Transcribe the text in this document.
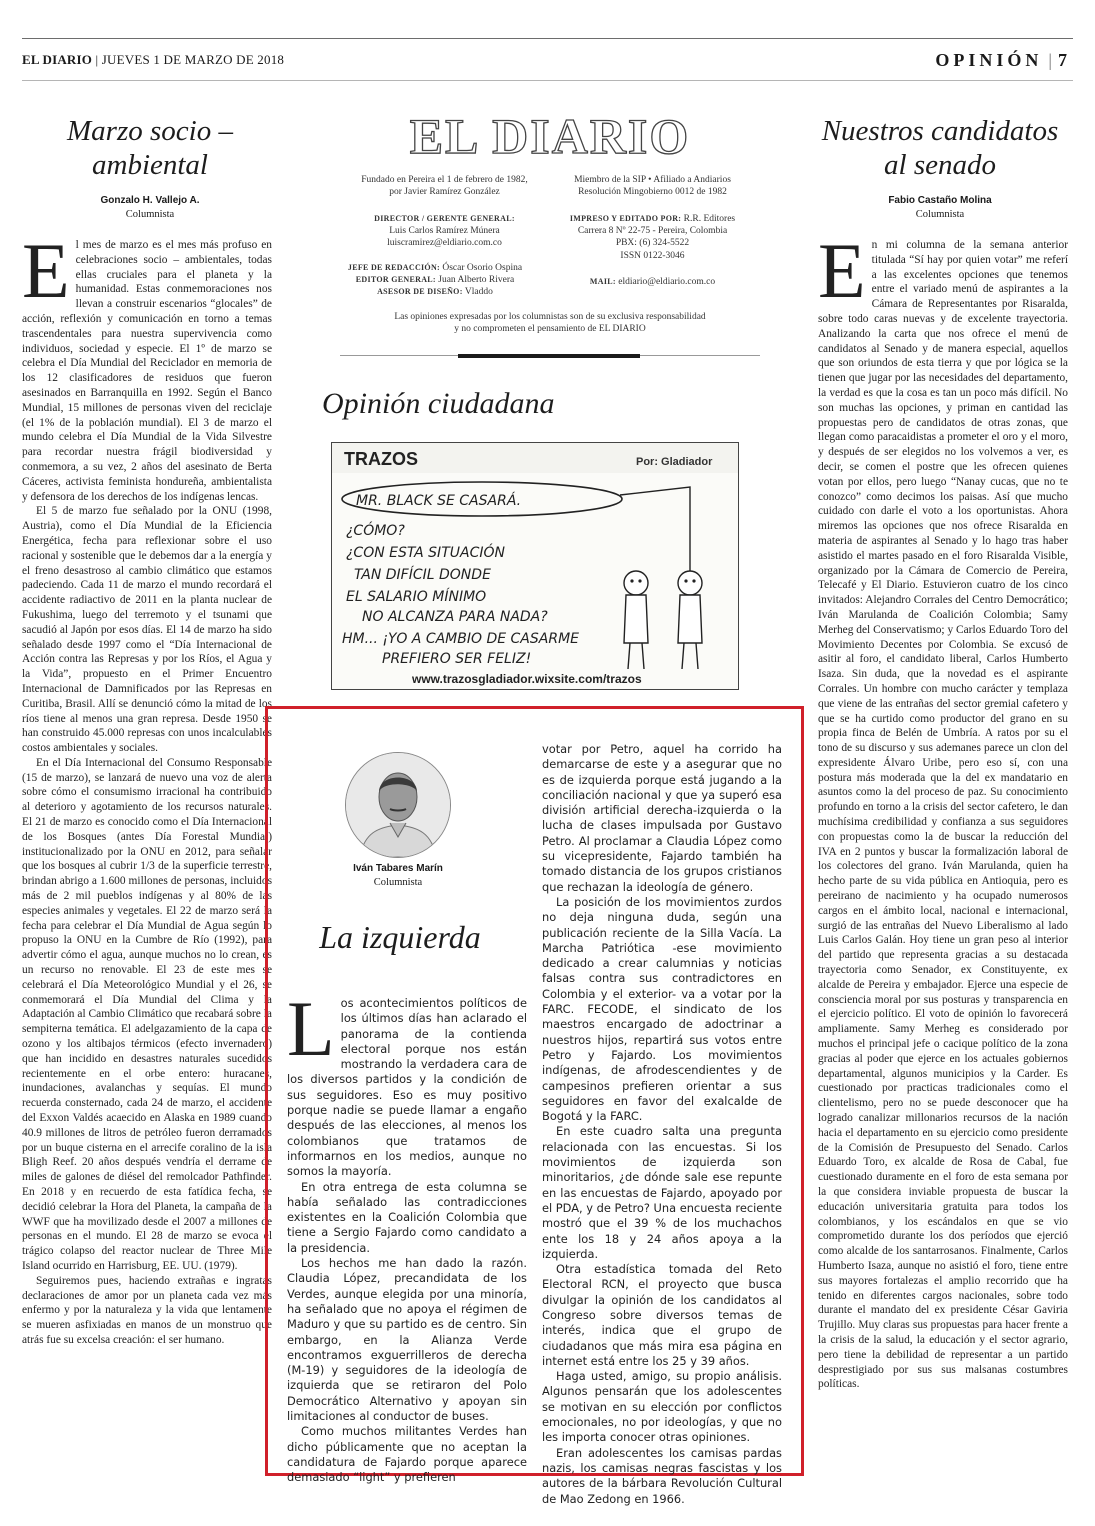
EL DIARIO | JUEVES 1 DE MARZO DE 2018	OPINIÓN | 7
Marzo socio – ambiental
Gonzalo H. Vallejo A.
Columnista
E l mes de marzo es el mes más profuso en celebraciones socio – ambientales, todas ellas cruciales para el planeta y la humanidad. Estas conmemoraciones nos llevan a construir escenarios “glocales” de acción, reflexión y comunicación en torno a temas trascendentales para nuestra supervivencia como individuos, sociedad y especie. El 1º de marzo se celebra el Día Mundial del Reciclador en memoria de los 12 clasificadores de residuos que fueron asesinados en Barranquilla en 1992. Según el Banco Mundial, 15 millones de personas viven del reciclaje (el 1% de la población mundial). El 3 de marzo el mundo celebra el Día Mundial de la Vida Silvestre para recordar nuestra frágil biodiversidad y conmemora, a su vez, 2 años del asesinato de Berta Cáceres, activista feminista hondureña, ambientalista y defensora de los derechos de los indígenas lencas.

El 5 de marzo fue señalado por la ONU (1998, Austria), como el Día Mundial de la Eficiencia Energética, fecha para reflexionar sobre el uso racional y sostenible que le debemos dar a la energía y el freno desastroso al cambio climático que estamos padeciendo. Cada 11 de marzo el mundo recordará el accidente radiactivo de 2011 en la planta nuclear de Fukushima, luego del terremoto y el tsunami que sacudió al Japón por esos días. El 14 de marzo ha sido señalado desde 1997 como el “Día Internacional de Acción contra las Represas y por los Ríos, el Agua y la Vida”, propuesto en el Primer Encuentro Internacional de Damnificados por las Represas en Curitiba, Brasil. Allí se denunció cómo la mitad de los ríos tiene al menos una gran represa. Desde 1950 se han construido 45.000 represas con unos incalculables costos ambientales y sociales.

En el Día Internacional del Consumo Responsable (15 de marzo), se lanzará de nuevo una voz de alerta sobre cómo el consumismo irracional ha contribuido al deterioro y agotamiento de los recursos naturales. El 21 de marzo es conocido como el Día Internacional de los Bosques (antes Día Forestal Mundial) institucionalizado por la ONU en 2012, para señalar que los bosques al cubrir 1/3 de la superficie terrestre, brindan abrigo a 1.600 millones de personas, incluidos más de 2 mil pueblos indígenas y al 80% de las especies animales y vegetales. El 22 de marzo será la fecha para celebrar el Día Mundial de Agua según lo propuso la ONU en la Cumbre de Río (1992), para advertir cómo el agua, aunque muchos no lo crean, es un recurso no renovable. El 23 de este mes se celebrará el Día Meteorológico Mundial y el 26, se conmemorará el Día Mundial del Clima y la Adaptación al Cambio Climático que recabará sobre la sempiterna temática. El adelgazamiento de la capa de ozono y los altibajos térmicos (efecto invernadero) que han incidido en desastres naturales sucedidos recientemente en el orbe entero: huracanes, inundaciones, avalanchas y sequías. El mundo recuerda consternado, cada 24 de marzo, el accidente del Exxon Valdés acaecido en Alaska en 1989 cuando 40.9 millones de litros de petróleo fueron derramados por un buque cisterna en el arrecife coralino de la isla Bligh Reef. 20 años después vendría el derrame de miles de galones de diésel del remolcador Pathfinder. En 2018 y en recuerdo de esta fatídica fecha, se decidió celebrar la Hora del Planeta, la campaña de la WWF que ha movilizado desde el 2007 a millones de personas en el mundo. El 28 de marzo se evoca el trágico colapso del reactor nuclear de Three Mile Island ocurrido en Harrisburg, EE. UU. (1979).

Seguiremos pues, haciendo extrañas e ingratas declaraciones de amor por un planeta cada vez más enfermo y por la naturaleza y la vida que lentamente se mueren asfixiadas en manos de un monstruo que atrás fue su excelsa creación: el ser humano.

EL DIARIO
Fundado en Pereira el 1 de febrero de 1982,
por Javier Ramírez González
Miembro de la SIP • Afiliado a Andiarios
Resolución Mingobierno 0012 de 1982
DIRECTOR / GERENTE GENERAL:
Luis Carlos Ramírez Múnera
luiscramirez@eldiario.com.co
IMPRESO Y EDITADO POR: R.R. Editores
Carrera 8 Nº 22-75 - Pereira, Colombia
PBX: (6) 324-5522
ISSN 0122-3046
JEFE DE REDACCIÓN: Óscar Osorio Ospina
EDITOR GENERAL: Juan Alberto Rivera
ASESOR DE DISEÑO: Vladdo
MAIL: eldiario@eldiario.com.co
Las opiniones expresadas por los columnistas son de su exclusiva responsabilidad
y no comprometen el pensamiento de EL DIARIO
Opinión ciudadana
TRAZOS	Por: Gladiador
MR. BLACK SE CASARÁ.
¿CÓMO?
¿CON ESTA SITUACIÓN
TAN DIFÍCIL DONDE
EL SALARIO MÍNIMO
NO ALCANZA PARA NADA?
HM... ¡YO A CAMBIO DE CASARME
PREFIERO SER FELIZ!
www.trazosgladiador.wixsite.com/trazos
Iván Tabares Marín
Columnista
La izquierda
L os acontecimientos políticos de los últimos días han aclarado el panorama de la contienda electoral porque nos están mostrando la verdadera cara de los diversos partidos y la condición de sus seguidores. Eso es muy positivo porque nadie se puede llamar a engaño después de las elecciones, al menos los colombianos que tratamos de informarnos en los medios, aunque no somos la mayoría.

En otra entrega de esta columna se había señalado las contradicciones existentes en la Coalición Colombia que tiene a Sergio Fajardo como candidato a la presidencia.

Los hechos me han dado la razón. Claudia López, precandidata de los Verdes, aunque elegida por una minoría, ha señalado que no apoya el régimen de Maduro y que su partido es de centro. Sin embargo, en la Alianza Verde encontramos exguerrilleros de derecha (M-19) y seguidores de la ideología de izquierda que se retiraron del Polo Democrático Alternativo y apoyan sin limitaciones al conductor de buses.

Como muchos militantes Verdes han dicho públicamente que no aceptan la candidatura de Fajardo porque aparece demasiado “light” y prefieren

votar por Petro, aquel ha corrido ha demarcarse de este y a asegurar que no es de izquierda porque está jugando a la conciliación nacional y que ya superó esa división artificial derecha-izquierda o la lucha de clases impulsada por Gustavo Petro. Al proclamar a Claudia López como su vicepresidente, Fajardo también ha tomado distancia de los grupos cristianos que rechazan la ideología de género.

La posición de los movimientos zurdos no deja ninguna duda, según una publicación reciente de la Silla Vacía. La Marcha Patriótica -ese movimiento dedicado a crear calumnias y noticias falsas contra sus contradictores en Colombia y el exterior- va a votar por la FARC. FECODE, el sindicato de los maestros encargado de adoctrinar a nuestros hijos, repartirá sus votos entre Petro y Fajardo. Los movimientos indígenas, de afrodescendientes y de campesinos prefieren orientar a sus seguidores en favor del exalcalde de Bogotá y la FARC.

En este cuadro salta una pregunta relacionada con las encuestas. Si los movimientos de izquierda son minoritarios, ¿de dónde sale ese repunte en las encuestas de Fajardo, apoyado por el PDA, y de Petro? Una encuesta reciente mostró que el 39 % de los muchachos ente los 18 y 24 años apoya a la izquierda.

Otra estadística tomada del Reto Electoral RCN, el proyecto que busca divulgar la opinión de los candidatos al Congreso sobre diversos temas de interés, indica que el grupo de ciudadanos que más mira esa página en internet está entre los 25 y 39 años.

Haga usted, amigo, su propio análisis. Algunos pensarán que los adolescentes se motivan en su elección por conflictos emocionales, no por ideologías, y que no les importa conocer otras opiniones.

Eran adolescentes los camisas pardas nazis, los camisas negras fascistas y los autores de la bárbara Revolución Cultural de Mao Zedong en 1966.

Nuestros candidatos al senado
Fabio Castaño Molina
Columnista
E n mi columna de la semana anterior titulada “Sí hay por quien votar” me referí a las excelentes opciones que tenemos entre el variado menú de aspirantes a la Cámara de Representantes por Risaralda, sobre todo caras nuevas y de excelente trayectoria. Analizando la carta que nos ofrece el menú de candidatos al Senado y de manera especial, aquellos que son oriundos de esta tierra y que por lógica se la tienen que jugar por las necesidades del departamento, la verdad es que la cosa es tan un poco más difícil. No son muchas las opciones, y priman en cantidad las propuestas pero de candidatos de otras zonas, que llegan como paracaidistas a prometer el oro y el moro, y después de ser elegidos no los volvemos a ver, es decir, se comen el postre que les ofrecen quienes votan por ellos, pero luego “Nanay cucas, que no te conozco” como decimos los paisas. Así que mucho cuidado con darle el voto a los oportunistas. Ahora miremos las opciones que nos ofrece Risaralda en materia de aspirantes al Senado y lo hago tras haber asistido el martes pasado en el foro Risaralda Visible, organizado por la Cámara de Comercio de Pereira, Telecafé y El Diario. Estuvieron cuatro de los cinco invitados: Alejandro Corrales del Centro Democrático; Iván Marulanda de Coalición Colombia; Samy Merheg del Conservatismo; y Carlos Eduardo Toro del Movimiento Decentes por Colombia. Se excusó de asitir al foro, el candidato liberal, Carlos Humberto Isaza. Sin duda, que la novedad es el aspirante Corrales. Un hombre con mucho carácter y templaza que viene de las entrañas del sector gremial cafetero y que se ha curtido como productor del grano en su propia finca de Belén de Umbría. A ratos por su el tono de su discurso y sus ademanes parece un clon del expresidente Álvaro Uribe, pero eso sí, con una postura más moderada que la del ex mandatario en asuntos como la del proceso de paz. Su conocimiento profundo en torno a la crisis del sector cafetero, le dan muchísima credibilidad y confianza a sus seguidores con propuestas como la de buscar la reducción del IVA en 2 puntos y buscar la formalización laboral de los colectores del grano. Iván Marulanda, quien ha hecho parte de su vida pública en Antioquia, pero es pereirano de nacimiento y ha ocupado numerosos cargos en el ámbito local, nacional e internacional, surgió de las entrañas del Nuevo Liberalismo al lado Luis Carlos Galán. Hoy tiene un gran peso al interior del partido que representa gracias a su destacada trayectoria como Senador, ex Constituyente, ex alcalde de Pereira y embajador. Ejerce una especie de consciencia moral por sus posturas y transparencia en el ejercicio político. El voto de opinión lo favorecerá ampliamente. Samy Merheg es considerado por muchos el principal jefe o cacique político de la zona gracias al poder que ejerce en los actuales gobiernos departamental, algunos municipios y la Carder. Es cuestionado por practicas tradicionales como el clientelismo, pero no se puede desconocer que ha logrado canalizar millonarios recursos de la nación hacia el departamento en su ejercicio como presidente de la Comisión de Presupuesto del Senado. Carlos Eduardo Toro, ex alcalde de Rosa de Cabal, fue cuestionado duramente en el foro de esta semana por la que considera inviable propuesta de buscar la educación universitaria gratuita para todos los colombianos, y los escándalos en que se vio comprometido durante los dos períodos que ejerció como alcalde de los santarrosanos. Finalmente, Carlos Humberto Isaza, aunque no asistió el foro, tiene entre sus mayores fortalezas el amplio recorrido que ha tenido en diferentes cargos nacionales, sobre todo durante el mandato del ex presidente César Gaviria Trujillo. Muy claras sus propuestas para hacer frente a la crisis de la salud, la educación y el sector agrario, pero tiene la debilidad de representar a un partido desprestigiado por sus sus malsanas costumbres políticas.
